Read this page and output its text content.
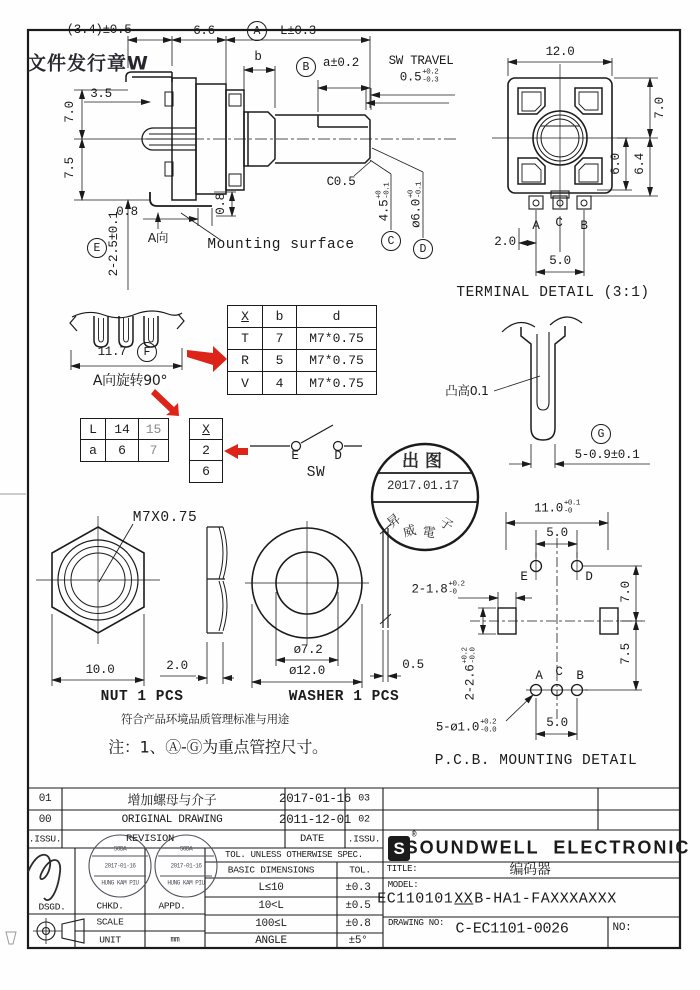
(3.4)±0.5	6.6	A	L±0.3
文件发行章W	b
B	a±0.2 SW TRAVEL
0.5 +0.2
-0.3
3.5
7.0
7.5
C0.5
0.8	0.8
A向
E 2-2.5±0.1	Mounting surface
4.5
+0 -0.1
C
ø6.0
+0 -0.1
D
12.0
7.0
6.0 6.4
A C B
2.0
5.0
TERMINAL DETAIL (3:1)
凸高0.1
G
5-0.9±0.1
11.7	F
A向旋转90°
X	b	d
T	7	M7*0.75
R	5	M7*0.75
V	4	M7*0.75
L	14	15
a	6	7
X
2
6
E	D
SW
出图
2017.01.17
昇
威 電 子
M7X0.75
10.0	2.0
NUT 1 PCS
ø7.2
ø12.0	0.5
WASHER 1 PCS
符合产品环境品质管理标准与用途
注：1、Ⓐ-Ⓖ为重点管控尺寸。
11.0 +0.1
-0
5.0
E	D
2-1.8 +0.2
-0	7.0
7.5
2-2.6
+0.2 -0.0
A C B
5.0
5-ø1.0 +0.2
-0.0
P.C.B. MOUNTING DETAIL
01	增加螺母与介子	2017-01-16 03
00	ORIGINAL DRAWING	2011-12-01 02
.ISSU.	REVISION	DATE	.ISSU.
DSGD.	CHKD.	APPD.
SCALE
UNIT	mm
TOL. UNLESS OTHERWISE SPEC.
BASIC DIMENSIONS	TOL.
L≤10	±0.3
10<L	±0.5
100≤L	±0.8
ANGLE	±5°
S
®
SOUNDWELL  ELECTRONIC
TITLE:	编码器
MODEL:
EC110101 XX B-HA1-FAXXXAXXX
DRAWING NO: C-EC1101-0026	NO:
SODA
2017-01-16
HUNG KAM PIU
SODA
2017-01-16
HUNG KAM PIU
